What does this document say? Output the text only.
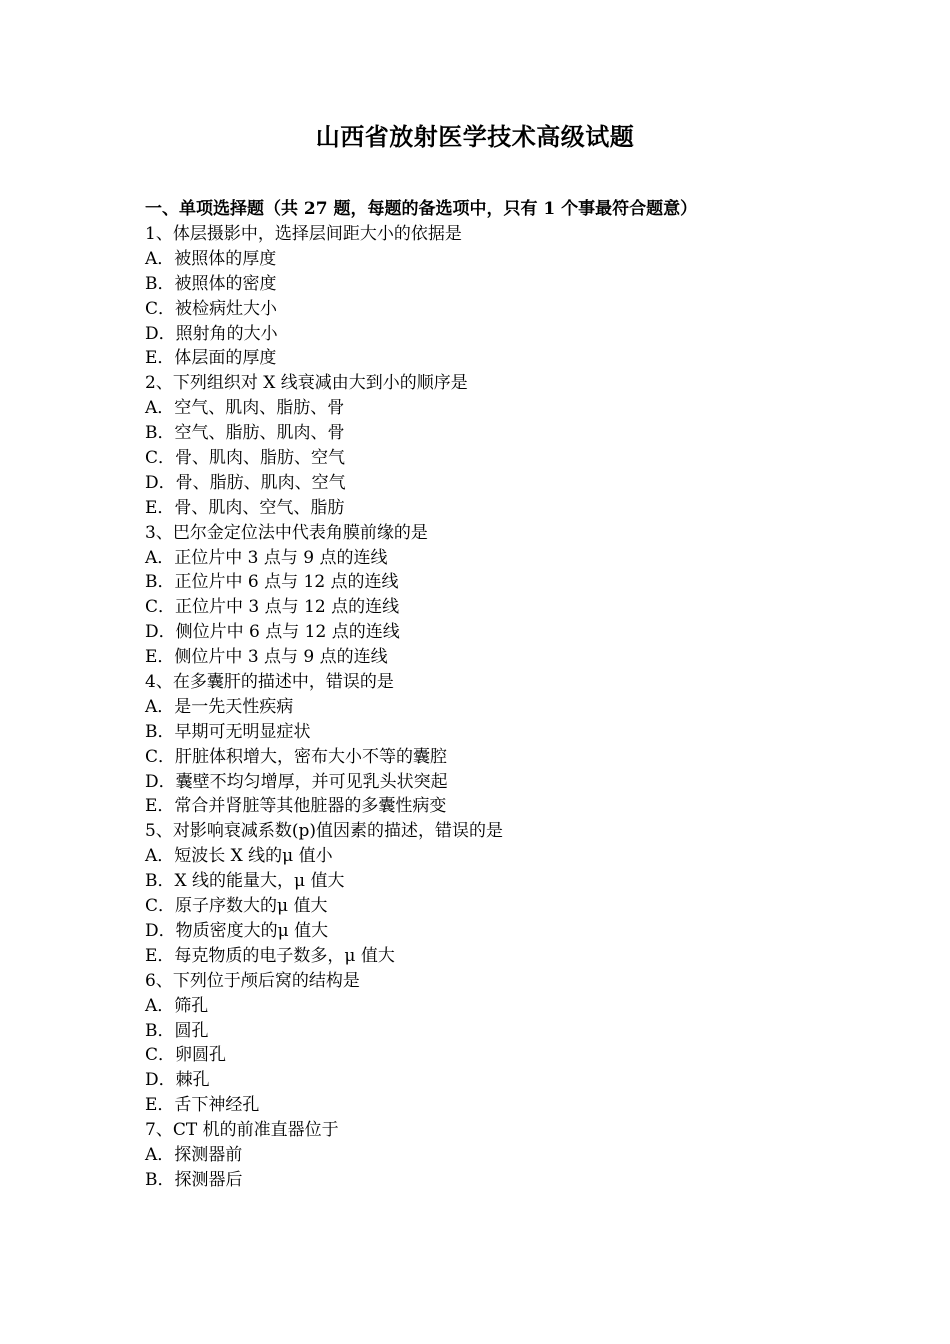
山西省放射医学技术高级试题
一、单项选择题（共 27 题，每题的备选项中，只有 1 个事最符合题意）
1、体层摄影中，选择层间距大小的依据是
A．被照体的厚度
B．被照体的密度
C．被检病灶大小
D．照射角的大小
E．体层面的厚度
2、下列组织对 X 线衰减由大到小的顺序是
A．空气、肌肉、脂肪、骨
B．空气、脂肪、肌肉、骨
C．骨、肌肉、脂肪、空气
D．骨、脂肪、肌肉、空气
E．骨、肌肉、空气、脂肪
3、巴尔金定位法中代表角膜前缘的是
A．正位片中 3 点与 9 点的连线
B．正位片中 6 点与 12 点的连线
C．正位片中 3 点与 12 点的连线
D．侧位片中 6 点与 12 点的连线
E．侧位片中 3 点与 9 点的连线
4、在多囊肝的描述中，错误的是
A．是一先天性疾病
B．早期可无明显症状
C．肝脏体积增大，密布大小不等的囊腔
D．囊壁不均匀增厚，并可见乳头状突起
E．常合并肾脏等其他脏器的多囊性病变
5、对影响衰减系数(p)值因素的描述，错误的是
A．短波长 X 线的μ 值小
B．X 线的能量大，μ 值大
C．原子序数大的μ 值大
D．物质密度大的μ 值大
E．每克物质的电子数多，μ 值大
6、下列位于颅后窝的结构是
A．筛孔
B．圆孔
C．卵圆孔
D．棘孔
E．舌下神经孔
7、CT 机的前准直器位于
A．探测器前
B．探测器后
